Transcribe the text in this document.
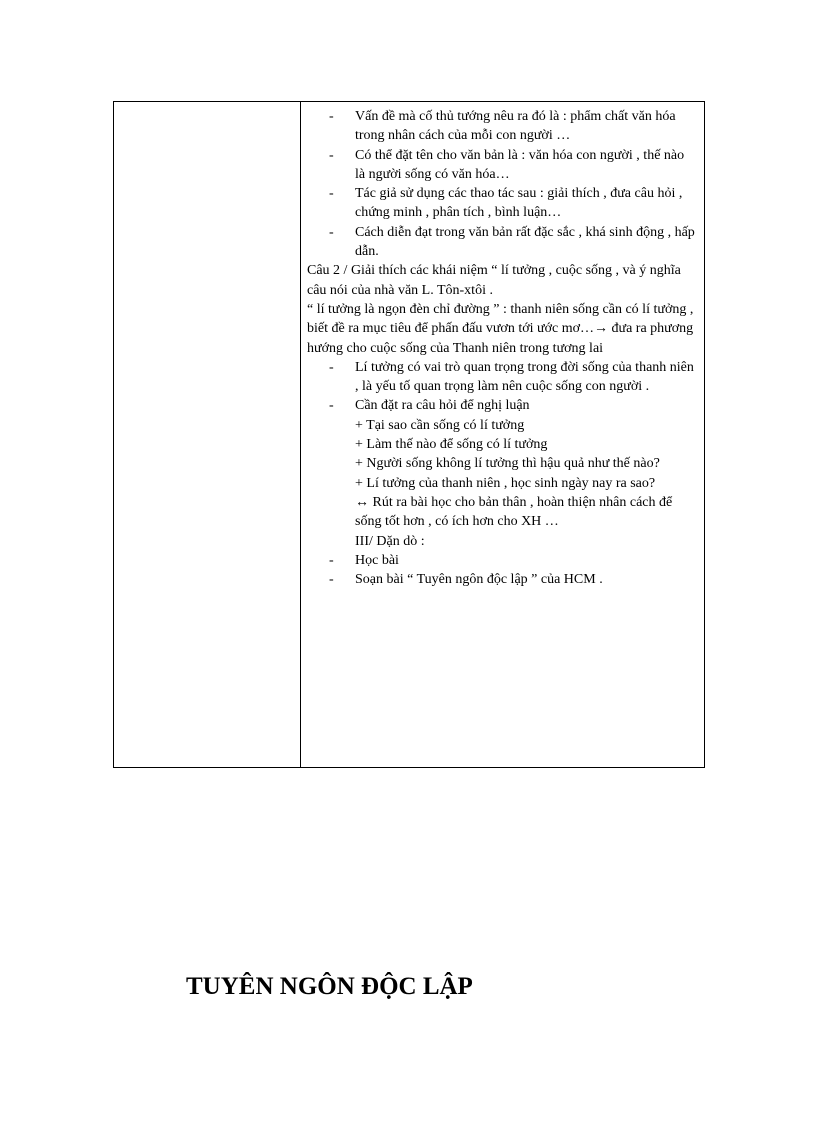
- Vấn đề mà cố thủ tướng nêu ra đó là : phẩm chất văn hóa trong nhân cách của mỗi con người …
- Có thể đặt tên cho văn bản là : văn hóa con người , thế nào là người sống có văn hóa…
- Tác giả sử dụng các thao tác sau : giải thích , đưa câu hỏi , chứng minh , phân tích , bình luận…
- Cách diễn đạt trong văn bản rất đặc sắc , khá sinh động , hấp dẫn.
Câu 2 / Giải thích các khái niệm “ lí tưởng , cuộc sống , và ý nghĩa câu nói của nhà văn L. Tôn-xtôi .
“ lí tưởng là ngọn đèn chỉ đường ” : thanh niên sống cần có lí tưởng , biết đề ra mục tiêu để phấn đấu vươn tới ước mơ…→ đưa ra phương hướng cho cuộc sống của Thanh niên trong tương lai
- Lí tưởng có vai trò quan trọng trong đời sống của thanh niên , là yếu tố quan trọng làm nên cuộc sống con người .
- Cần đặt ra câu hỏi để nghị luận
+ Tại sao cần sống có lí tưởng
+ Làm thế nào để sống có lí tưởng
+ Người sống không lí tưởng thì hậu quả như thế nào?
+ Lí tưởng của thanh niên , học sinh ngày nay ra sao?
↔ Rút ra bài học cho bản thân , hoàn thiện nhân cách để sống tốt hơn , có ích hơn cho XH …
III/ Dặn dò :
- Học bài
- Soạn bài “ Tuyên ngôn độc lập ” của HCM .
TUYÊN NGÔN ĐỘC LẬP
